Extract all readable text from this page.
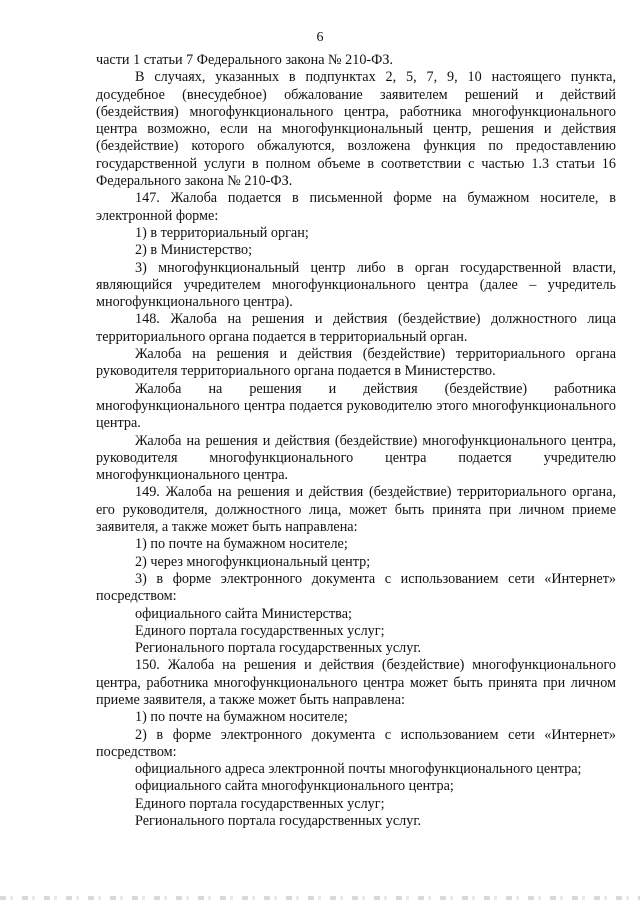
6

части 1 статьи 7 Федерального закона № 210-ФЗ.

В случаях, указанных в подпунктах 2, 5, 7, 9, 10 настоящего пункта, досудебное (внесудебное) обжалование заявителем решений и действий (бездействия) многофункционального центра, работника многофункционального центра возможно, если на многофункциональный центр, решения и действия (бездействие) которого обжалуются, возложена функция по предоставлению государственной услуги в полном объеме в соответствии с частью 1.3 статьи 16 Федерального закона № 210-ФЗ.

147. Жалоба подается в письменной форме на бумажном носителе, в электронной форме:

1) в территориальный орган;

2) в Министерство;

3) многофункциональный центр либо в орган государственной власти, являющийся учредителем многофункционального центра (далее – учредитель многофункционального центра).

148. Жалоба на решения и действия (бездействие) должностного лица территориального органа подается в территориальный орган.

Жалоба на решения и действия (бездействие) территориального органа руководителя территориального органа подается в Министерство.

Жалоба на решения и действия (бездействие) работника многофункционального центра подается руководителю этого многофункционального центра.

Жалоба на решения и действия (бездействие) многофункционального центра, руководителя многофункционального центра подается учредителю многофункционального центра.

149. Жалоба на решения и действия (бездействие) территориального органа, его руководителя, должностного лица, может быть принята при личном приеме заявителя, а также может быть направлена:

1) по почте на бумажном носителе;

2) через многофункциональный центр;

3) в форме электронного документа с использованием сети «Интернет» посредством:

официального сайта Министерства;

Единого портала государственных услуг;

Регионального портала государственных услуг.

150. Жалоба на решения и действия (бездействие) многофункционального центра, работника многофункционального центра может быть принята при личном приеме заявителя, а также может быть направлена:

1) по почте на бумажном носителе;

2) в форме электронного документа с использованием сети «Интернет» посредством:

официального адреса электронной почты многофункционального центра;

официального сайта многофункционального центра;

Единого портала государственных услуг;

Регионального портала государственных услуг.
